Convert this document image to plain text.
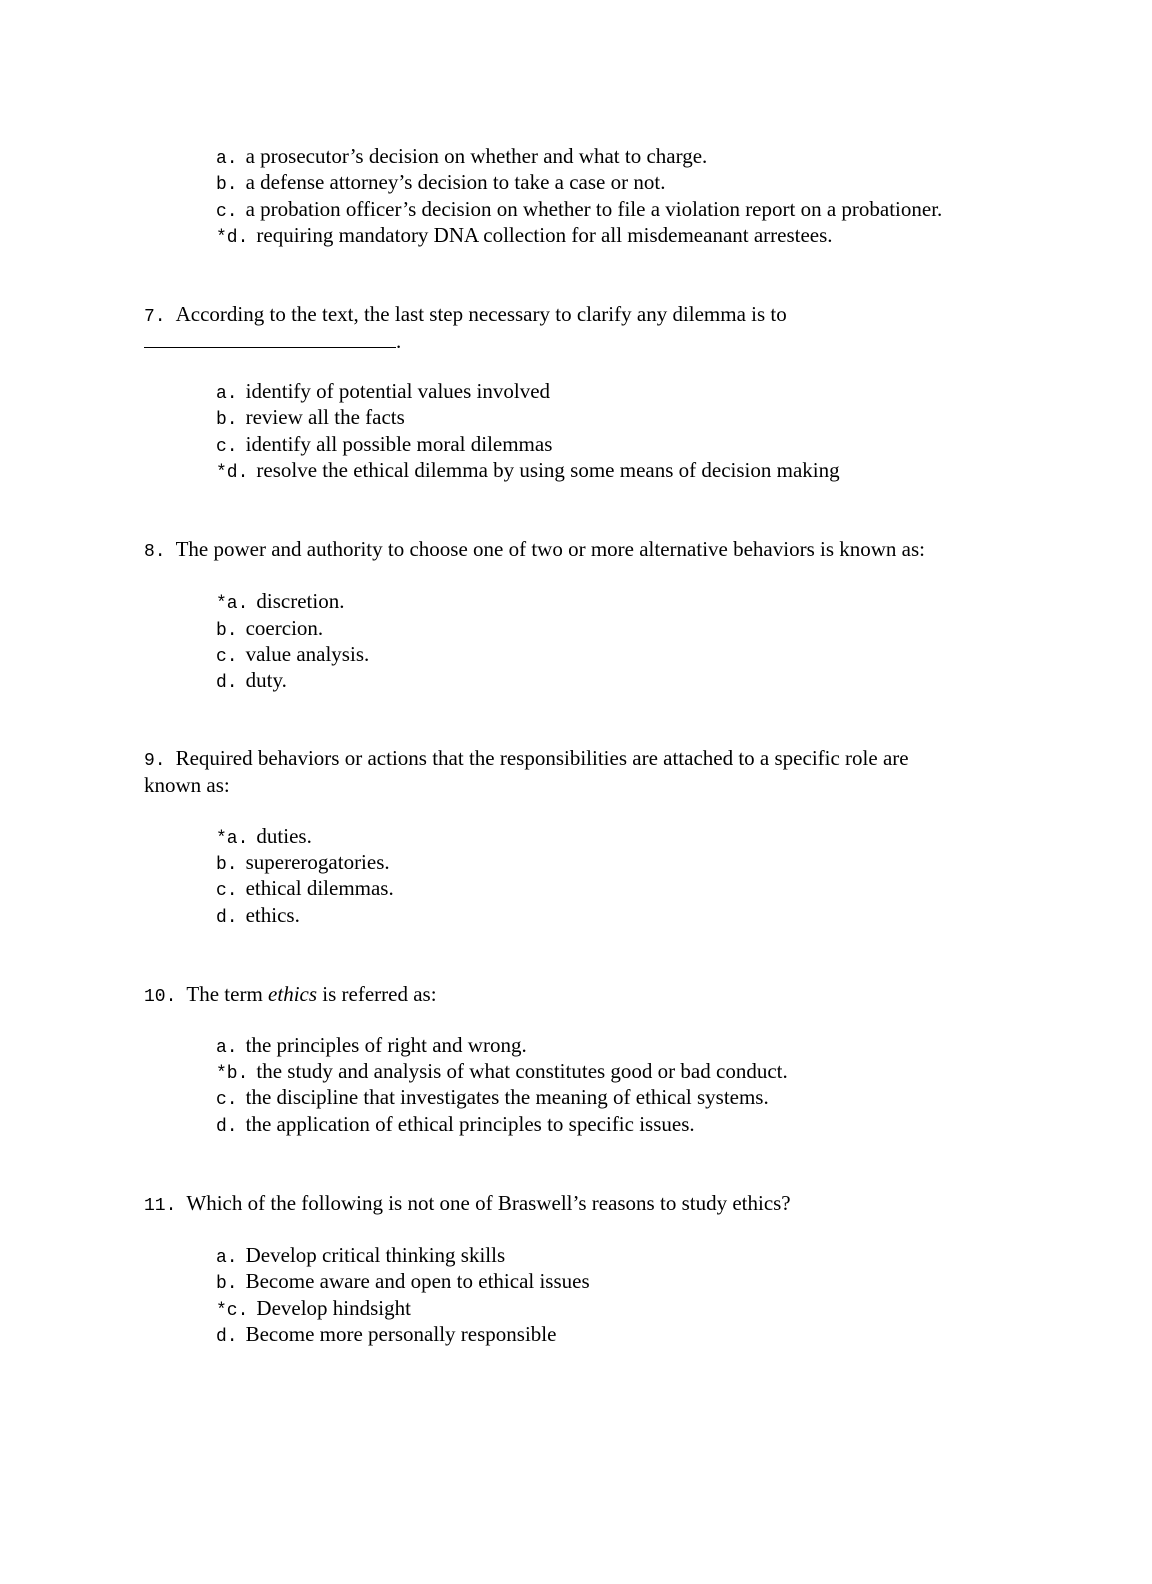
a. a prosecutor’s decision on whether and what to charge.
b. a defense attorney’s decision to take a case or not.
c. a probation officer’s decision on whether to file a violation report on a probationer.
*d. requiring mandatory DNA collection for all misdemeanant arrestees.
7. According to the text, the last step necessary to clarify any dilemma is to
.
a. identify of potential values involved
b. review all the facts
c. identify all possible moral dilemmas
*d. resolve the ethical dilemma by using some means of decision making
8. The power and authority to choose one of two or more alternative behaviors is known as:
*a. discretion.
b. coercion.
c. value analysis.
d. duty.
9. Required behaviors or actions that the responsibilities are attached to a specific role are
known as:
*a. duties.
b. supererogatories.
c. ethical dilemmas.
d. ethics.
10. The term ethics is referred as:
a. the principles of right and wrong.
*b. the study and analysis of what constitutes good or bad conduct.
c. the discipline that investigates the meaning of ethical systems.
d. the application of ethical principles to specific issues.
11. Which of the following is not one of Braswell’s reasons to study ethics?
a. Develop critical thinking skills
b. Become aware and open to ethical issues
*c. Develop hindsight
d. Become more personally responsible
